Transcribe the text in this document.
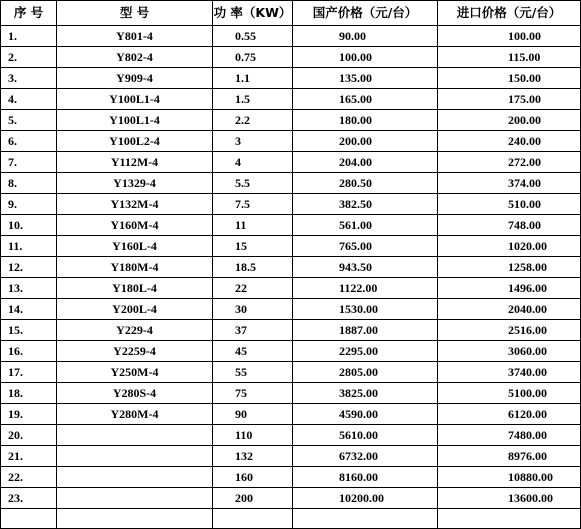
序 号	型 号	功 率（KW）	国产价格（元/台）	进口价格（元/台）
1.	Y801-4	0.55	90.00	100.00
2.	Y802-4	0.75	100.00	115.00
3.	Y909-4	1.1	135.00	150.00
4.	Y100L1-4	1.5	165.00	175.00
5.	Y100L1-4	2.2	180.00	200.00
6.	Y100L2-4	3	200.00	240.00
7.	Y112M-4	4	204.00	272.00
8.	Y1329-4	5.5	280.50	374.00
9.	Y132M-4	7.5	382.50	510.00
10.	Y160M-4	11	561.00	748.00
11.	Y160L-4	15	765.00	1020.00
12.	Y180M-4	18.5	943.50	1258.00
13.	Y180L-4	22	1122.00	1496.00
14.	Y200L-4	30	1530.00	2040.00
15.	Y229-4	37	1887.00	2516.00
16.	Y2259-4	45	2295.00	3060.00
17.	Y250M-4	55	2805.00	3740.00
18.	Y280S-4	75	3825.00	5100.00
19.	Y280M-4	90	4590.00	6120.00
20.		110	5610.00	7480.00
21.		132	6732.00	8976.00
22.		160	8160.00	10880.00
23.		200	10200.00	13600.00
